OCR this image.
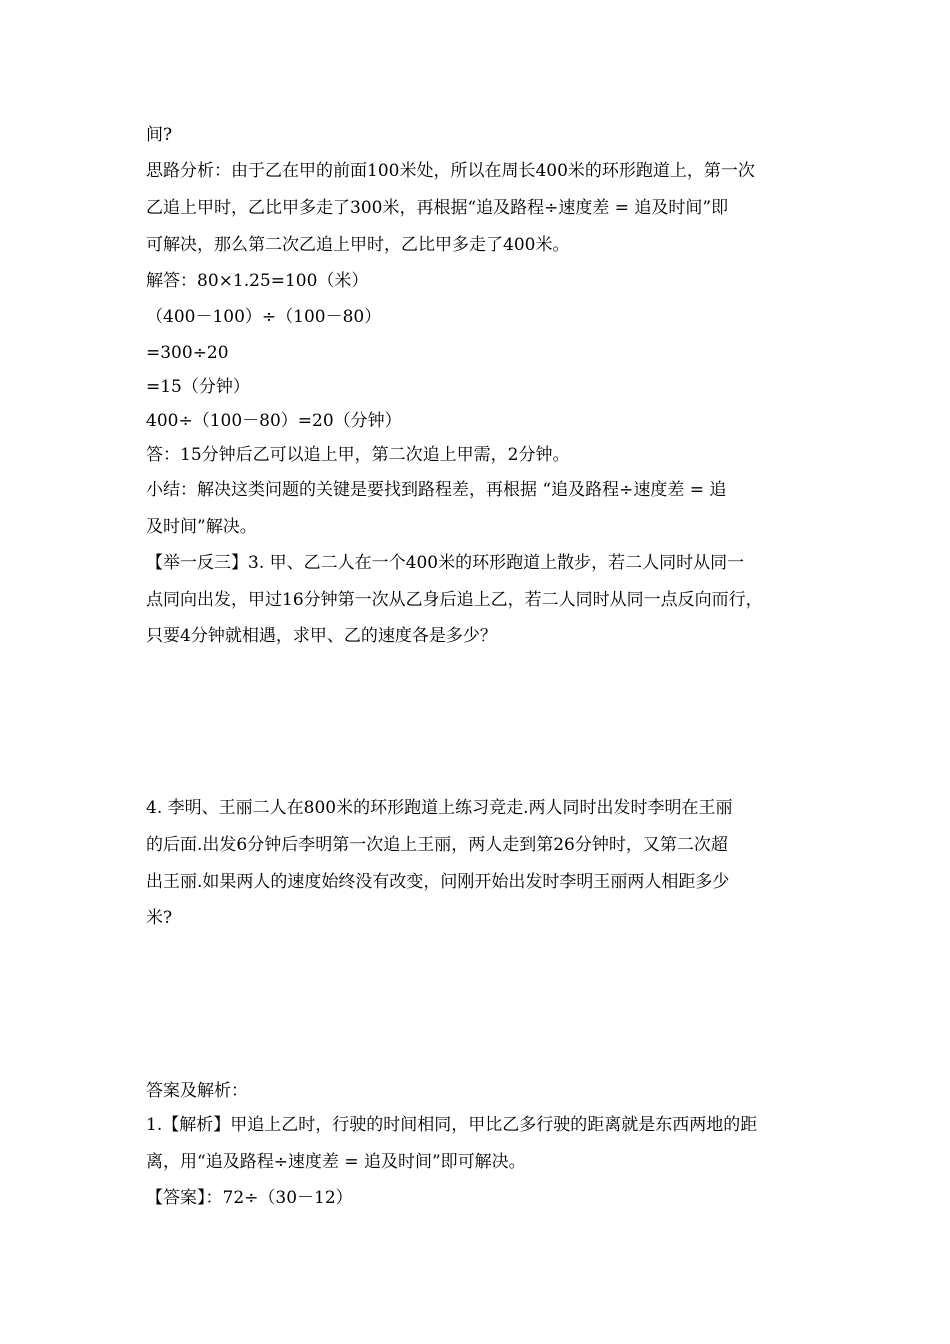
间?
思路分析：由于乙在甲的前面100米处，所以在周长400米的环形跑道上，第一次
乙追上甲时，乙比甲多走了300米，再根据“追及路程÷速度差 = 追及时间”即
可解决，那么第二次乙追上甲时，乙比甲多走了400米。
解答：80×1.25=100（米）
（400－100）÷（100－80）
=300÷20
=15（分钟）
400÷（100－80）=20（分钟）
答：15分钟后乙可以追上甲，第二次追上甲需，2分钟。
小结：解决这类问题的关键是要找到路程差，再根据 “追及路程÷速度差 = 追
及时间”解决。
【举一反三】3. 甲、乙二人在一个400米的环形跑道上散步，若二人同时从同一
点同向出发，甲过16分钟第一次从乙身后追上乙，若二人同时从同一点反向而行，
只要4分钟就相遇，求甲、乙的速度各是多少？
4. 李明、王丽二人在800米的环形跑道上练习竞走.两人同时出发时李明在王丽
的后面.出发6分钟后李明第一次追上王丽，两人走到第26分钟时，又第二次超
出王丽.如果两人的速度始终没有改变，问刚开始出发时李明王丽两人相距多少
米?
答案及解析：
1.【解析】甲追上乙时，行驶的时间相同，甲比乙多行驶的距离就是东西两地的距
离，用“追及路程÷速度差 = 追及时间”即可解决。
【答案】：72÷（30－12）
